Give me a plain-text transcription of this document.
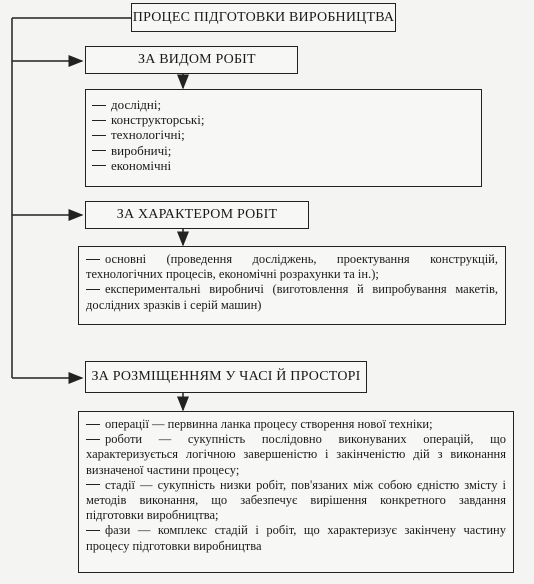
ПРОЦЕС ПІДГОТОВКИ ВИРОБНИЦТВА
ЗА ВИДОМ РОБІТ
дослідні;
конструкторські;
технологічні;
виробничі;
економічні
ЗА ХАРАКТЕРОМ РОБІТ

основні (проведення досліджень, проектування конструкцій, технологічних процесів, економічні розрахунки та ін.);

експериментальні виробничі (виготовлення й випробування макетів, дослідних зразків і серій машин)

ЗА РОЗМІЩЕННЯМ У ЧАСІ Й ПРОСТОРІ

операції — первинна ланка процесу створення нової техніки;

роботи — сукупність послідовно виконуваних операцій, що характеризується логічною завершеністю і закінченістю дій з виконання визначеної частини процесу;

стадії — сукупність низки робіт, пов'язаних між собою єдністю змісту і методів виконання, що забезпечує вирішення конкретного завдання підготовки виробництва;

фази — комплекс стадій і робіт, що характеризує закінчену частину процесу підготовки виробництва
